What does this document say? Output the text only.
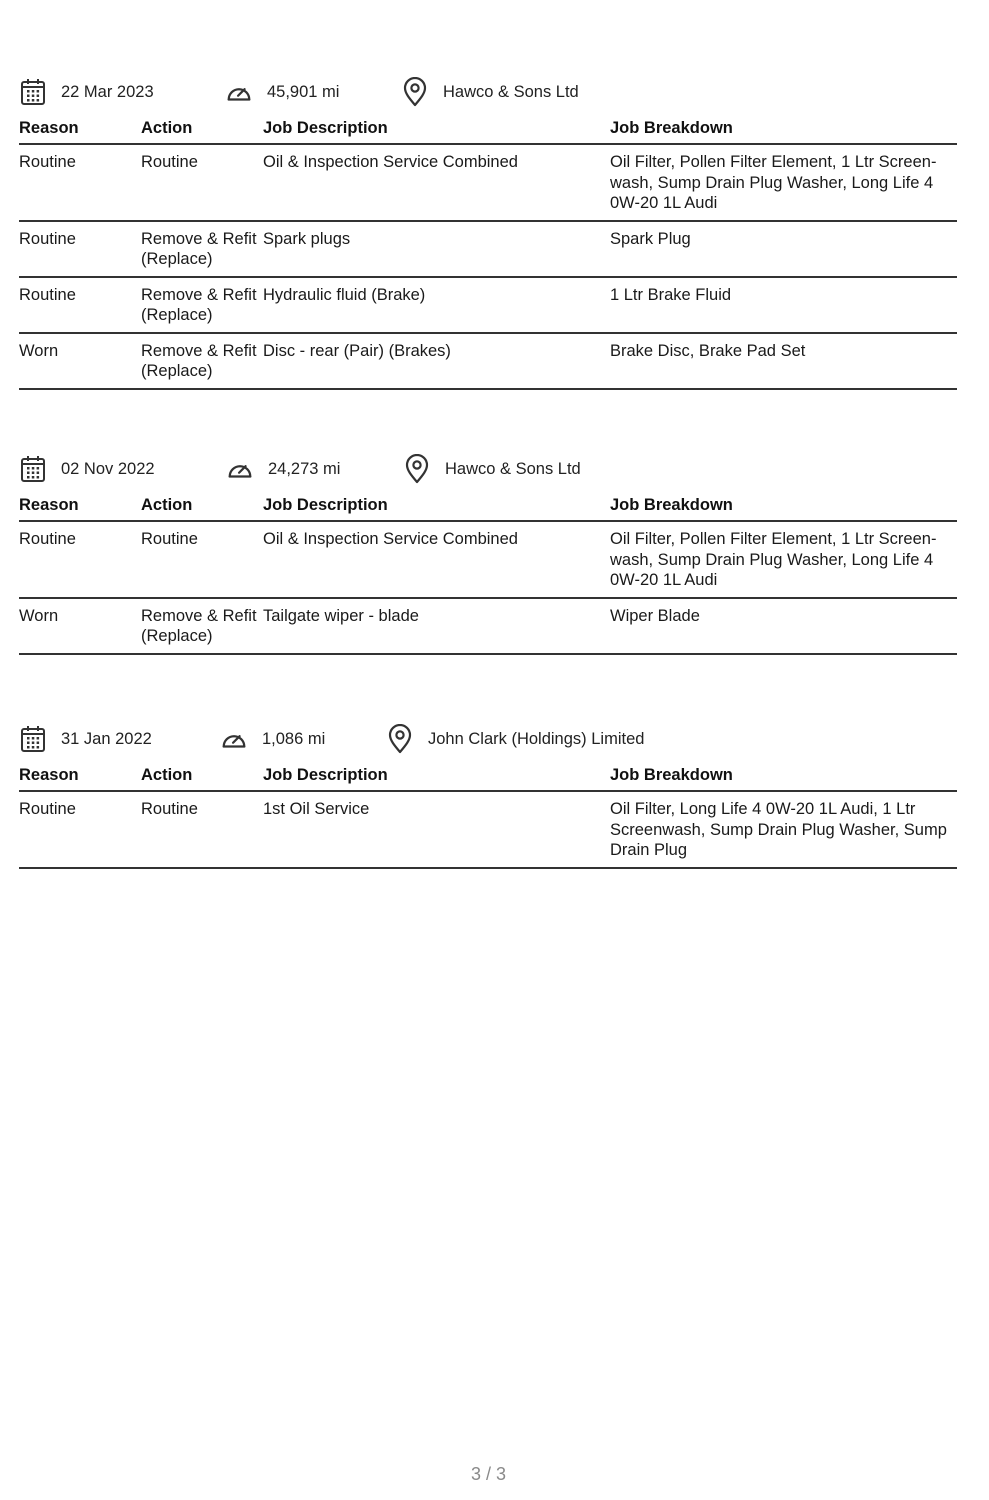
22 Mar 2023	45,901 mi	Hawco & Sons Ltd
Reason	Action	Job Description	Job Breakdown
Routine	Routine	Oil & Inspection Service Combined	Oil Filter, Pollen Filter Element, 1 Ltr Screen-wash, Sump Drain Plug Washer, Long Life 4 0W-20 1L Audi
Routine	Remove & Refit (Replace)	Spark plugs	Spark Plug
Routine	Remove & Refit (Replace)	Hydraulic fluid (Brake)	1 Ltr Brake Fluid
Worn	Remove & Refit (Replace)	Disc - rear (Pair) (Brakes)	Brake Disc, Brake Pad Set
02 Nov 2022	24,273 mi	Hawco & Sons Ltd
Reason	Action	Job Description	Job Breakdown
Routine	Routine	Oil & Inspection Service Combined	Oil Filter, Pollen Filter Element, 1 Ltr Screen-wash, Sump Drain Plug Washer, Long Life 4 0W-20 1L Audi
Worn	Remove & Refit (Replace)	Tailgate wiper - blade	Wiper Blade
31 Jan 2022	1,086 mi	John Clark (Holdings) Limited
Reason	Action	Job Description	Job Breakdown
Routine	Routine	1st Oil Service	Oil Filter, Long Life 4 0W-20 1L Audi, 1 Ltr Screenwash, Sump Drain Plug Washer, Sump Drain Plug
3 / 3
